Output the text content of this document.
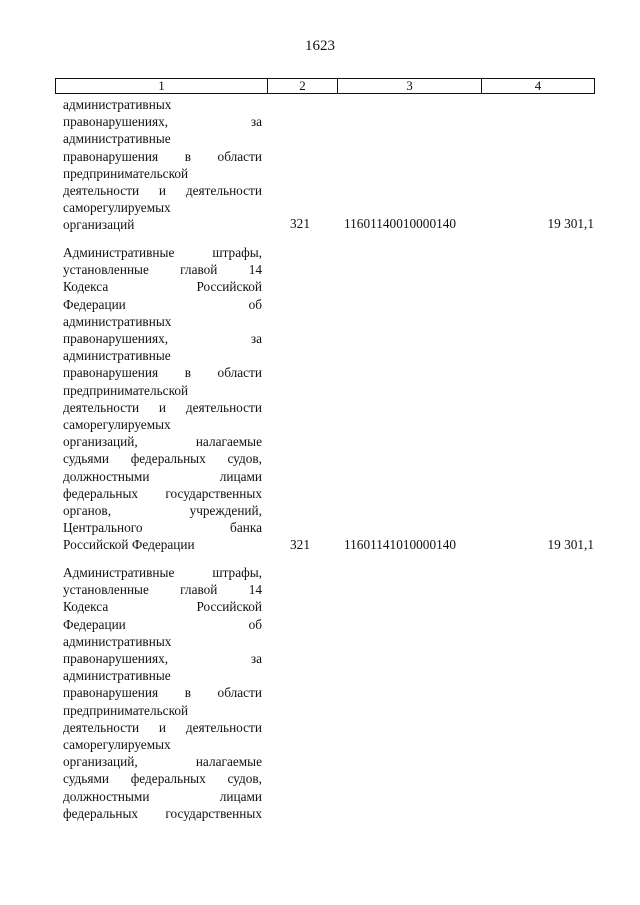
1623
1	2	3	4
административных
правонарушениях, за
административные
правонарушения в области
предпринимательской
деятельности и деятельности
саморегулируемых
организаций	321	11601140010000140	19 301,1
Административные штрафы,
установленные главой 14
Кодекса Российской
Федерации об
административных
правонарушениях, за
административные
правонарушения в области
предпринимательской
деятельности и деятельности
саморегулируемых
организаций, налагаемые
судьями федеральных судов,
должностными лицами
федеральных государственных
органов, учреждений,
Центрального банка
Российской Федерации	321	11601141010000140	19 301,1
Административные штрафы,
установленные главой 14
Кодекса Российской
Федерации об
административных
правонарушениях, за
административные
правонарушения в области
предпринимательской
деятельности и деятельности
саморегулируемых
организаций, налагаемые
судьями федеральных судов,
должностными лицами
федеральных государственных
